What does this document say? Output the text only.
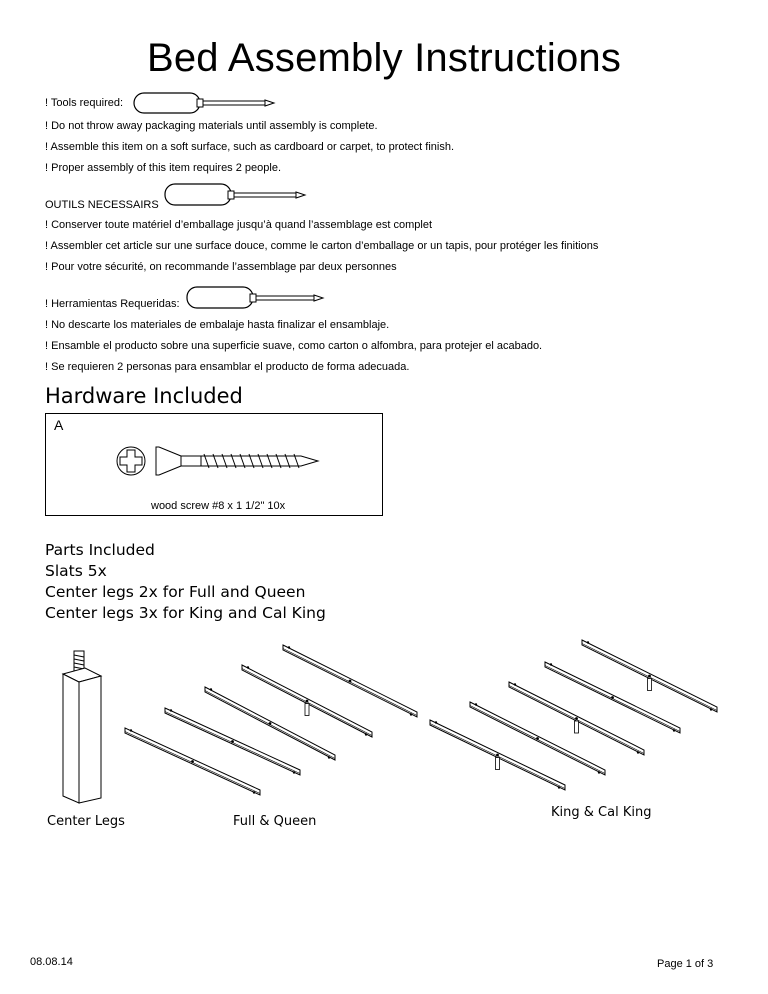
Bed Assembly Instructions
! Tools required:
! Do not throw away packaging materials until assembly is complete.
! Assemble this item on a soft surface, such as cardboard or carpet, to protect finish.
! Proper assembly of this item requires 2 people.
OUTILS NECESSAIRS
! Conserver toute matériel d’emballage jusqu’à quand l’assemblage est complet
! Assembler cet article sur une surface douce, comme le carton d’emballage or un tapis, pour protéger les finitions
! Pour votre sécurité, on recommande l’assemblage par deux personnes
! Herramientas Requeridas:
! No descarte los materiales de embalaje hasta finalizar el ensamblaje.
! Ensamble el producto sobre una superficie suave, como carton o alfombra, para protejer el acabado.
! Se requieren 2 personas para ensamblar el producto de forma adecuada.
Hardware Included
A
wood screw #8 x 1 1/2" 10x
Parts Included
Slats 5x
Center legs 2x for Full and Queen
Center legs 3x for King and Cal King
Center Legs	Full & Queen
King & Cal King
08.08.14	Page 1 of 3
